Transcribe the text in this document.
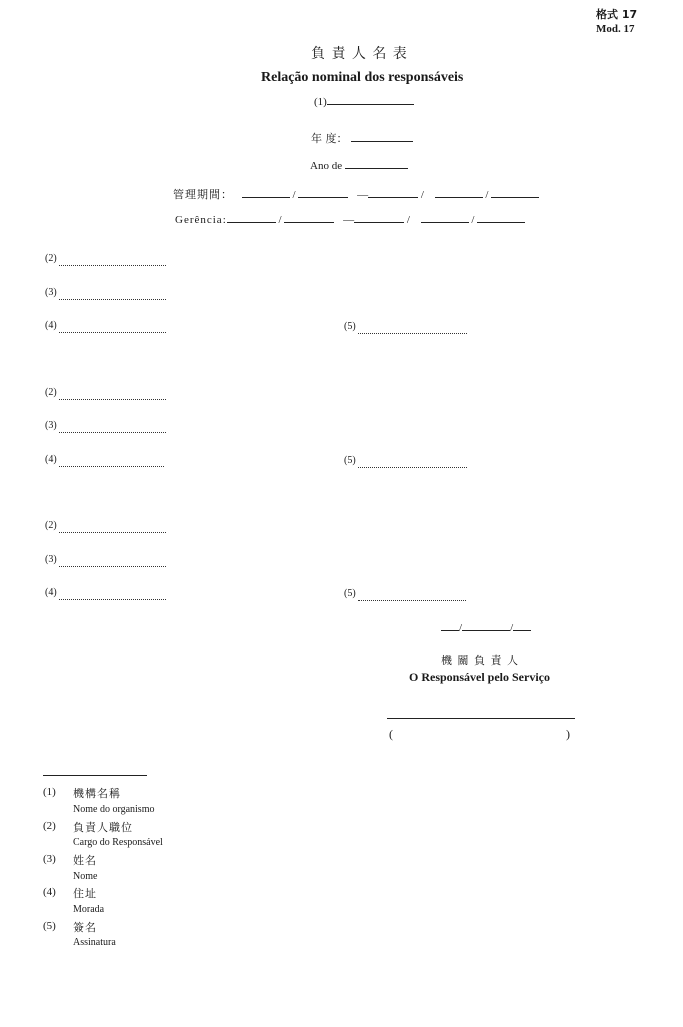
格式 17
Mod. 17
負 責 人 名 表
Relação nominal dos responsáveis
(1)
年 度：
Ano de
管理期間：	/	—	/	/
Gerência:	/	—	/	/
(2)
(3)
(4)	(5)
(2)
(3)
(4)	(5)
(2)
(3)
(4)	(5)
/	/
機 關 負 責 人
O Responsável pelo Serviço
(	)
(1) 機構名稱
Nome do organismo
(2) 負責人職位
Cargo do Responsável
(3) 姓名
Nome
(4) 住址
Morada
(5) 簽名
Assinatura
